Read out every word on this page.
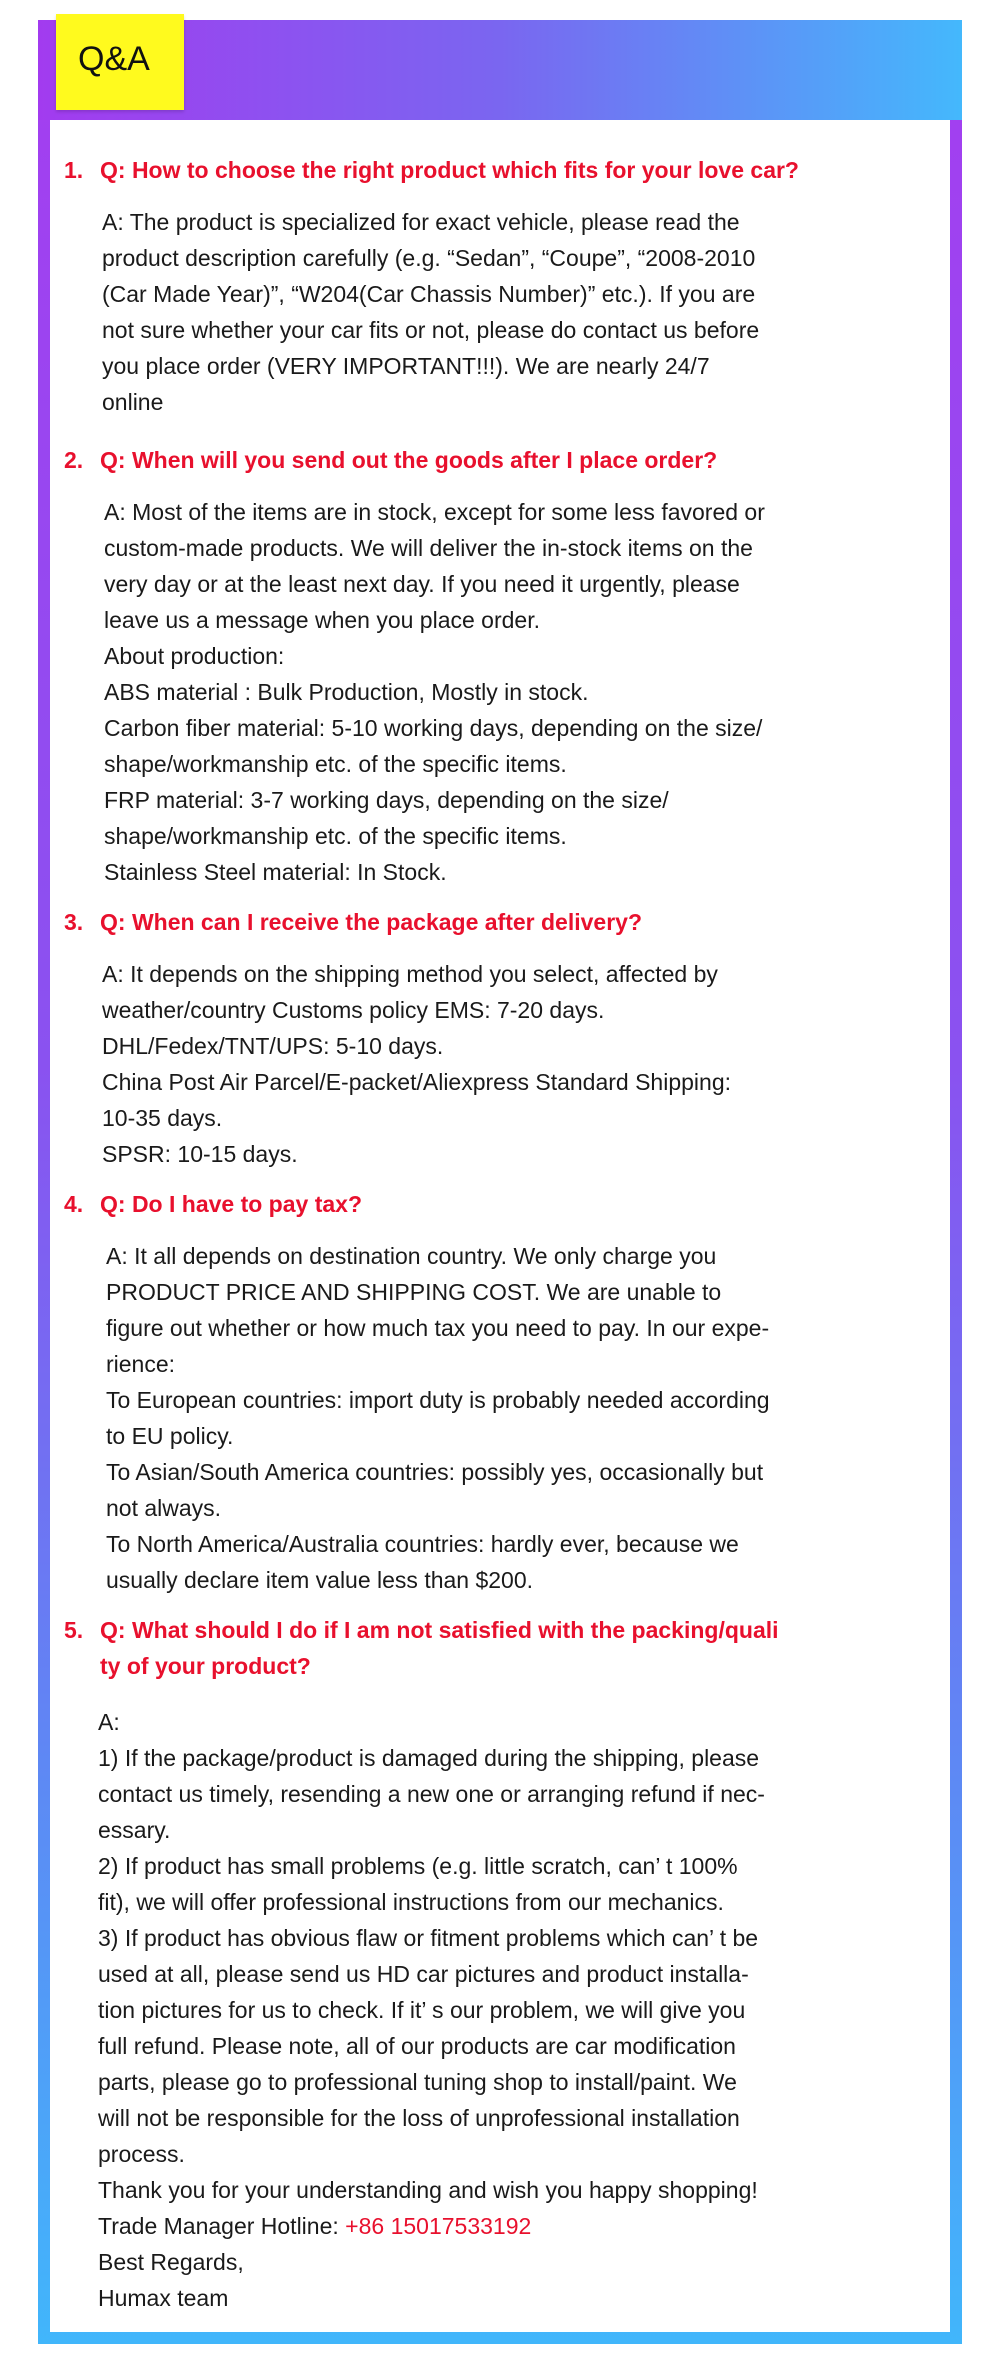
Q&A

1. Q: How to choose the right product which fits for your love car?

A: The product is specialized for exact vehicle, please read the

product description carefully (e.g. “Sedan”, “Coupe”, “2008-2010

(Car Made Year)”, “W204(Car Chassis Number)” etc.). If you are

not sure whether your car fits or not, please do contact us before

you place order (VERY IMPORTANT!!!). We are nearly 24/7

online

2. Q: When will you send out the goods after I place order?

A: Most of the items are in stock, except for some less favored or

custom-made products. We will deliver the in-stock items on the

very day or at the least next day. If you need it urgently, please

leave us a message when you place order.

About production:

ABS material : Bulk Production, Mostly in stock.

Carbon fiber material: 5-10 working days, depending on the size/

shape/workmanship etc. of the specific items.

FRP material: 3-7 working days, depending on the size/

shape/workmanship etc. of the specific items.

Stainless Steel material: In Stock.

3. Q: When can I receive the package after delivery?

A: It depends on the shipping method you select, affected by

weather/country Customs policy EMS: 7-20 days.

DHL/Fedex/TNT/UPS: 5-10 days.

China Post Air Parcel/E-packet/Aliexpress Standard Shipping:

10-35 days.

SPSR: 10-15 days.

4. Q: Do I have to pay tax?

A: It all depends on destination country. We only charge you

PRODUCT PRICE AND SHIPPING COST. We are unable to

figure out whether or how much tax you need to pay. In our expe-

rience:

To European countries: import duty is probably needed according

to EU policy.

To Asian/South America countries: possibly yes, occasionally but

not always.

To North America/Australia countries: hardly ever, because we

usually declare item value less than $200.

5. Q: What should I do if I am not satisfied with the packing/quali

ty of your product?

A:

1) If the package/product is damaged during the shipping, please

contact us timely, resending a new one or arranging refund if nec-

essary.

2) If product has small problems (e.g. little scratch, can’ t 100%

fit), we will offer professional instructions from our mechanics.

3) If product has obvious flaw or fitment problems which can’ t be

used at all, please send us HD car pictures and product installa-

tion pictures for us to check. If it’ s our problem, we will give you

full refund. Please note, all of our products are car modification

parts, please go to professional tuning shop to install/paint. We

will not be responsible for the loss of unprofessional installation

process.

Thank you for your understanding and wish you happy shopping!

Trade Manager Hotline: +86 15017533192

Best Regards,

Humax team
